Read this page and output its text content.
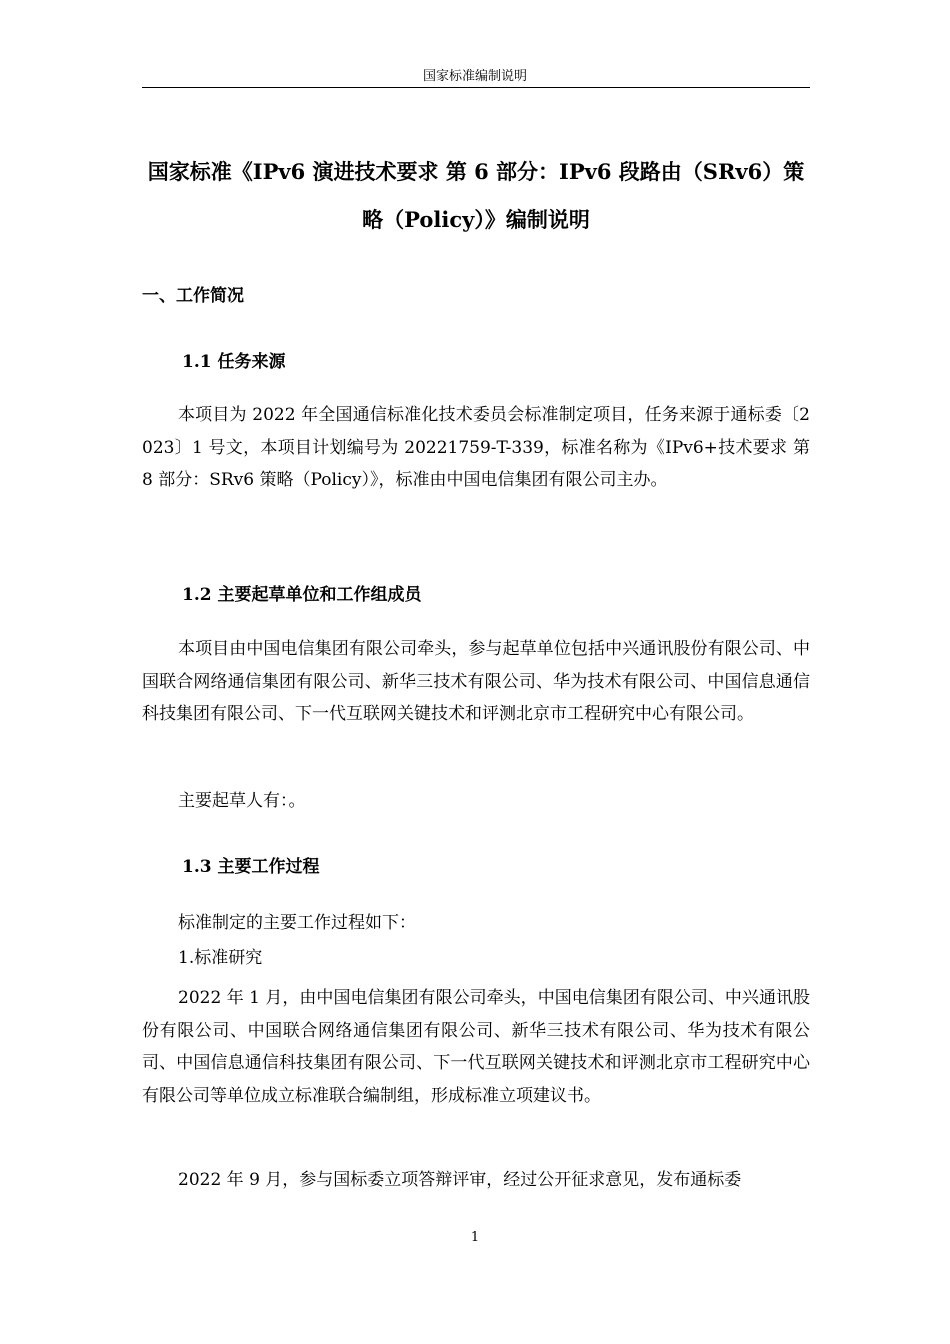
国家标准编制说明
国家标准《IPv6 演进技术要求 第 6 部分：IPv6 段路由（SRv6）策略（Policy）》编制说明
一、工作简况
1.1 任务来源

本项目为 2022 年全国通信标准化技术委员会标准制定项目，任务来源于通标委〔2023〕1 号文，本项目计划编号为 20221759-T-339，标准名称为《IPv6+技术要求 第 8 部分：SRv6 策略（Policy）》，标准由中国电信集团有限公司主办。

1.2 主要起草单位和工作组成员

本项目由中国电信集团有限公司牵头，参与起草单位包括中兴通讯股份有限公司、中国联合网络通信集团有限公司、新华三技术有限公司、华为技术有限公司、中国信息通信科技集团有限公司、下一代互联网关键技术和评测北京市工程研究中心有限公司。

主要起草人有：。

1.3 主要工作过程

标准制定的主要工作过程如下：

1.标准研究

2022 年 1 月，由中国电信集团有限公司牵头，中国电信集团有限公司、中兴通讯股份有限公司、中国联合网络通信集团有限公司、新华三技术有限公司、华为技术有限公司、中国信息通信科技集团有限公司、下一代互联网关键技术和评测北京市工程研究中心有限公司等单位成立标准联合编制组，形成标准立项建议书。

2022 年 9 月，参与国标委立项答辩评审，经过公开征求意见，发布通标委

1
